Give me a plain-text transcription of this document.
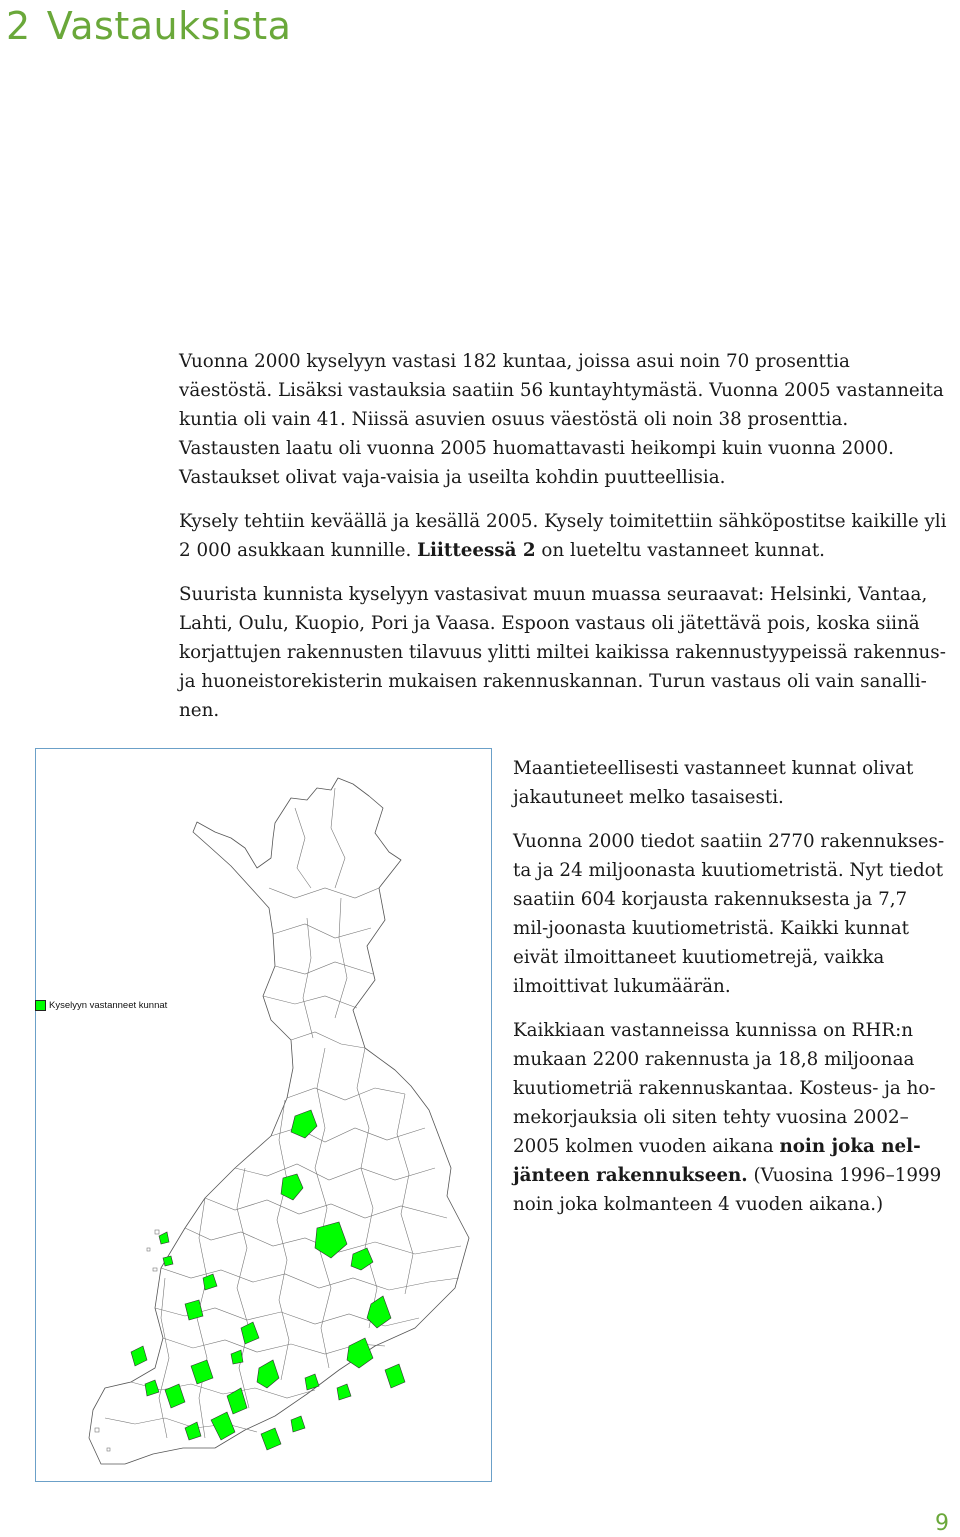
2 Vastauksista

Vuonna 2000 kyselyyn vastasi 182 kuntaa, joissa asui noin 70 prosenttia väestöstä. Lisäksi vastauksia saatiin 56 kuntayhtymästä. Vuonna 2005 vastanneita kuntia oli vain 41. Niissä asuvien osuus väestöstä oli noin 38 prosenttia. Vastausten laatu oli vuonna 2005 huomattavasti heikompi kuin vuonna 2000. Vastaukset olivat vaja-vaisia ja useilta kohdin puutteellisia.

Kysely tehtiin keväällä ja kesällä 2005. Kysely toimitettiin sähköpostitse kaikille yli 2 000 asukkaan kunnille. Liitteessä 2 on lueteltu vastanneet kunnat.

Suurista kunnista kyselyyn vastasivat muun muassa seuraavat: Helsinki, Vantaa, Lahti, Oulu, Kuopio, Pori ja Vaasa. Espoon vastaus oli jätettävä pois, koska siinä korjattujen rakennusten tilavuus ylitti miltei kaikissa rakennustyypeissä rakennus-ja huoneistorekisterin mukaisen rakennuskannan. Turun vastaus oli vain sanalli-nen.

Kyselyyn vastanneet kunnat

Maantieteellisesti vastanneet kunnat olivat jakautuneet melko tasaisesti.

Vuonna 2000 tiedot saatiin 2770 rakennukses-ta ja 24 miljoonasta kuutiometristä. Nyt tiedot saatiin 604 korjausta rakennuksesta ja 7,7 mil-joonasta kuutiometristä. Kaikki kunnat eivät ilmoittaneet kuutiometrejä, vaikka ilmoittivat lukumäärän.

Kaikkiaan vastanneissa kunnissa on RHR:n mukaan 2200 rakennusta ja 18,8 miljoonaa kuutiometriä rakennuskantaa. Kosteus- ja ho-mekorjauksia oli siten tehty vuosina 2002–2005 kolmen vuoden aikana noin joka nel-jänteen rakennukseen. (Vuosina 1996–1999 noin joka kolmanteen 4 vuoden aikana.)

9
